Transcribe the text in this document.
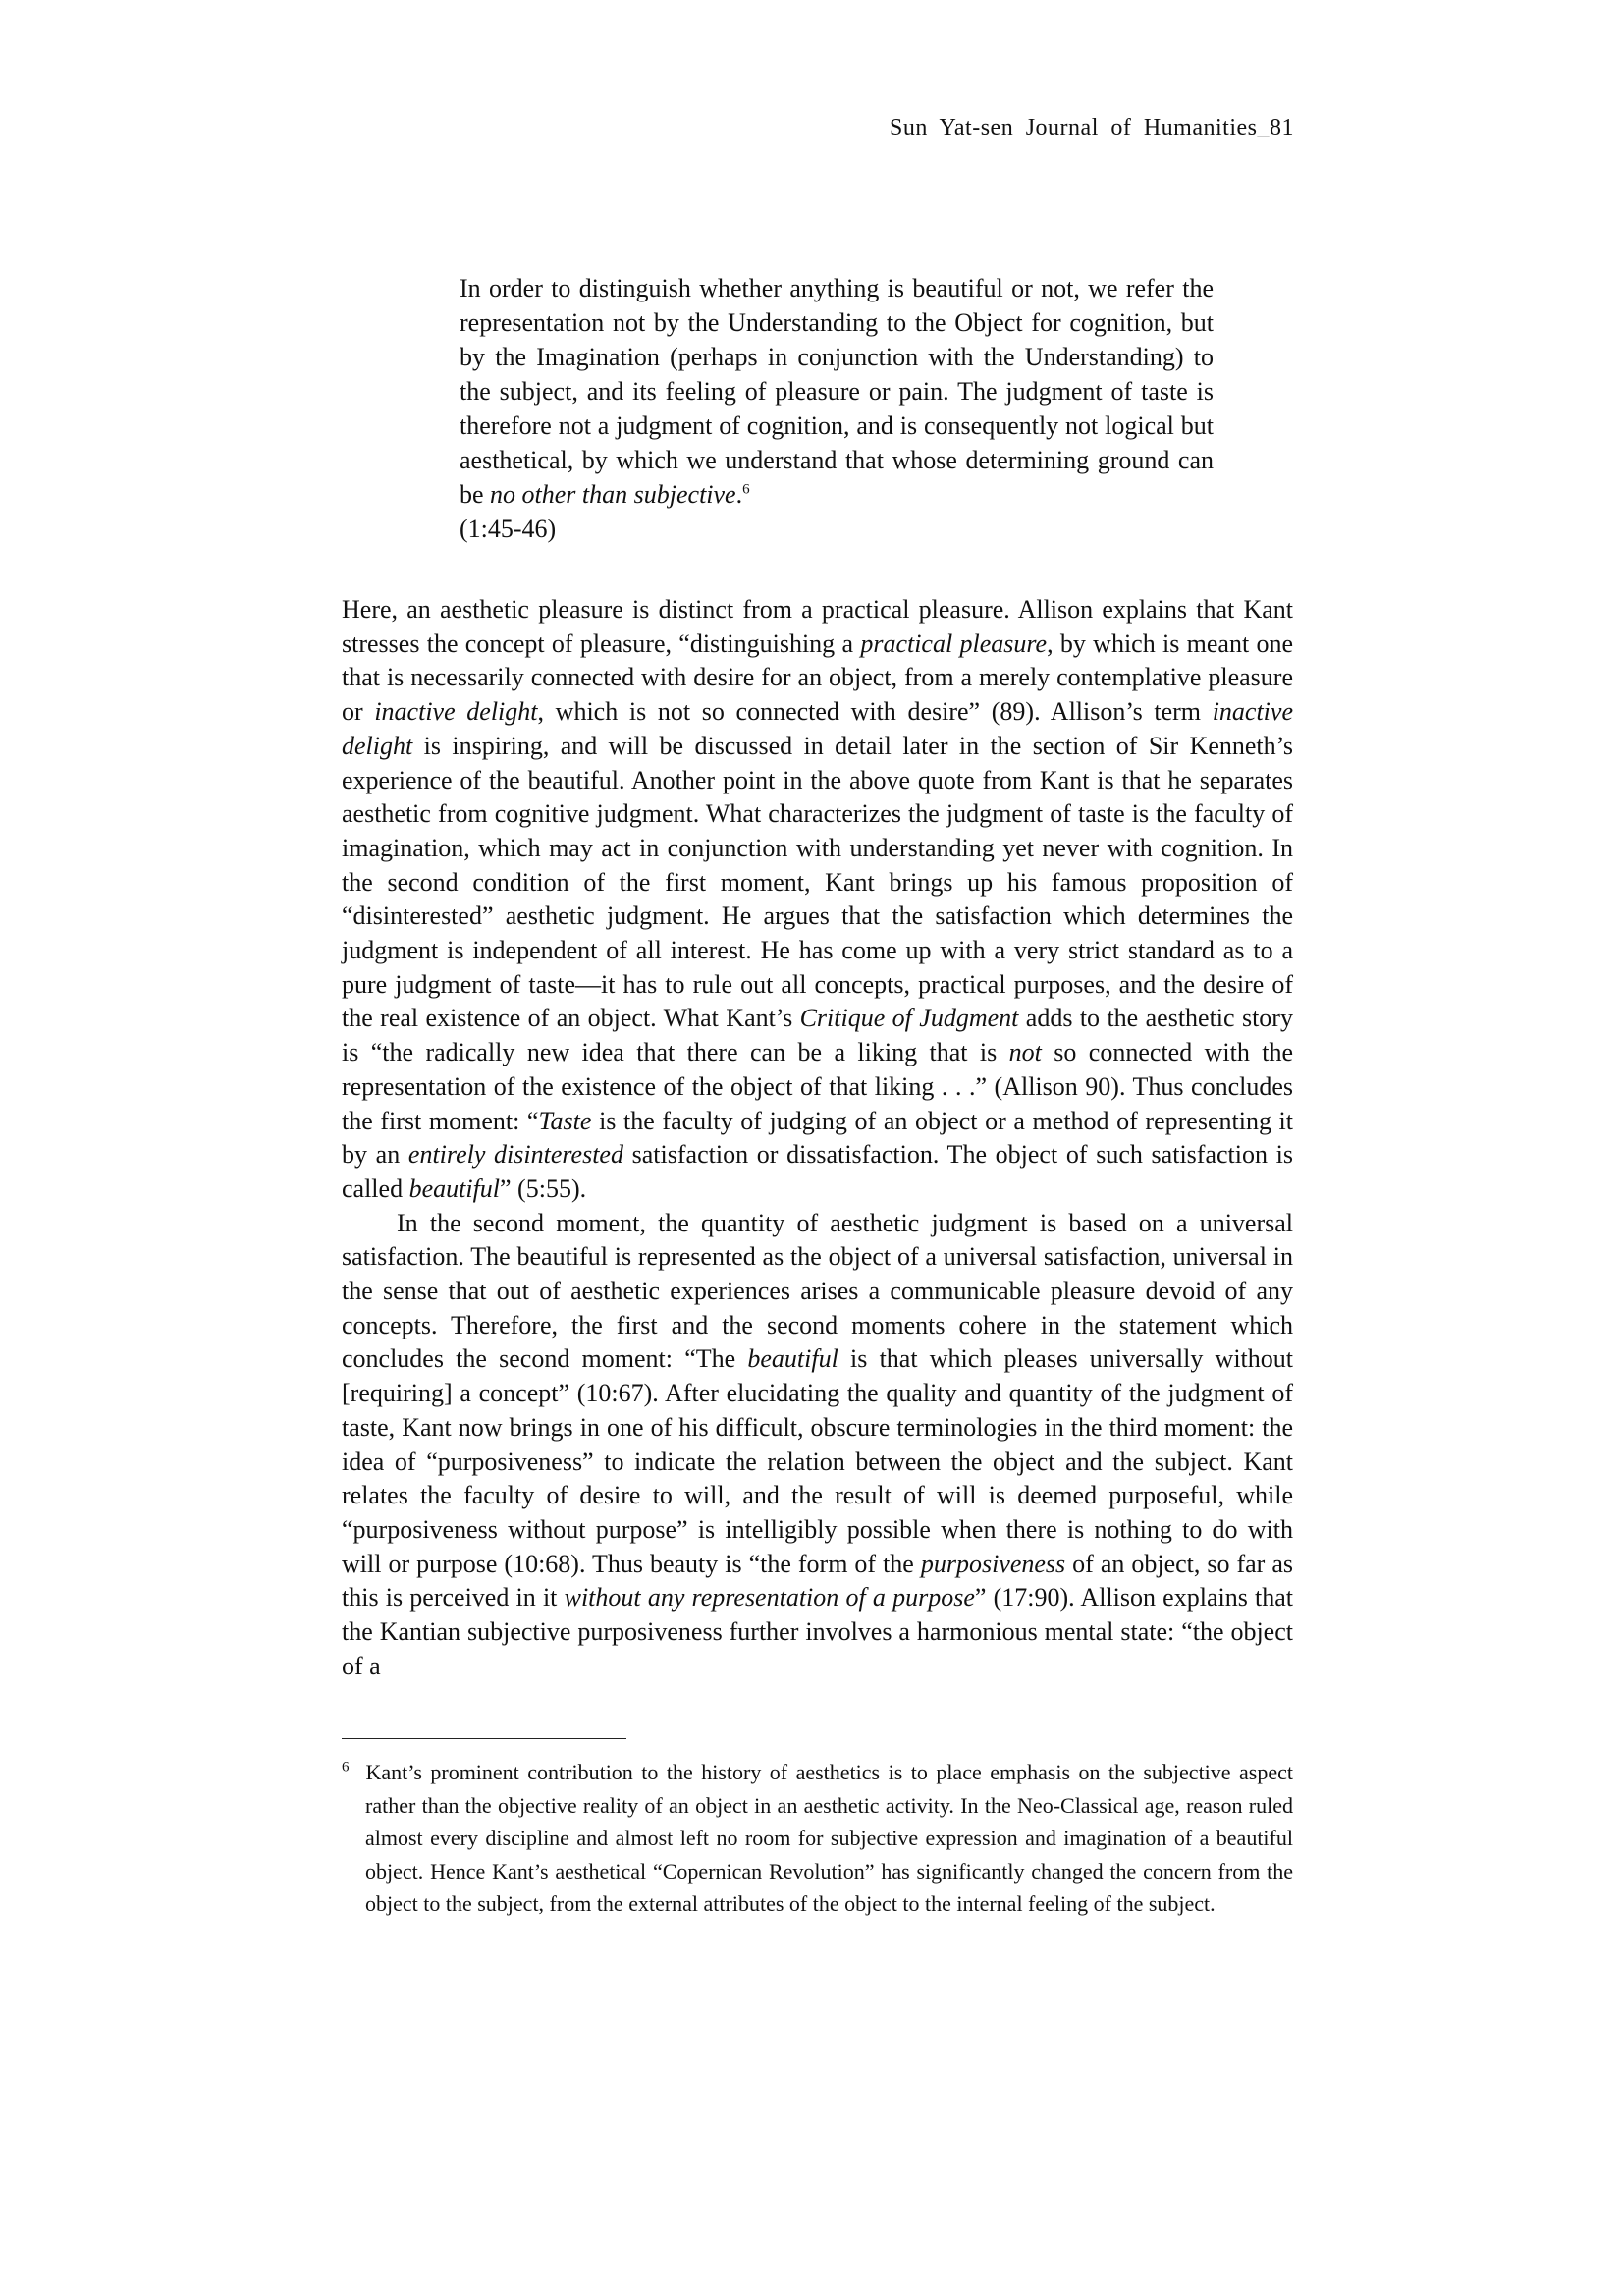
Sun Yat-sen Journal of Humanities_81

In order to distinguish whether anything is beautiful or not, we refer the representation not by the Understanding to the Object for cognition, but by the Imagination (perhaps in conjunction with the Understanding) to the subject, and its feeling of pleasure or pain. The judgment of taste is therefore not a judgment of cognition, and is consequently not logical but aesthetical, by which we understand that whose determining ground can be no other than subjective.$^6$
(1:45-46)

Here, an aesthetic pleasure is distinct from a practical pleasure. Allison explains that Kant stresses the concept of pleasure, “distinguishing a practical pleasure, by which is meant one that is necessarily connected with desire for an object, from a merely contemplative pleasure or inactive delight, which is not so connected with desire” (89). Allison’s term inactive delight is inspiring, and will be discussed in detail later in the section of Sir Kenneth’s experience of the beautiful. Another point in the above quote from Kant is that he separates aesthetic from cognitive judgment. What characterizes the judgment of taste is the faculty of imagination, which may act in conjunction with understanding yet never with cognition. In the second condition of the first moment, Kant brings up his famous proposition of “disinterested” aesthetic judgment. He argues that the satisfaction which determines the judgment is independent of all interest. He has come up with a very strict standard as to a pure judgment of taste—it has to rule out all concepts, practical purposes, and the desire of the real existence of an object. What Kant’s Critique of Judgment adds to the aesthetic story is “the radically new idea that there can be a liking that is not so connected with the representation of the existence of the object of that liking . . .” (Allison 90). Thus concludes the first moment: “Taste is the faculty of judging of an object or a method of representing it by an entirely disinterested satisfaction or dissatisfaction. The object of such satisfaction is called beautiful” (5:55).

In the second moment, the quantity of aesthetic judgment is based on a universal satisfaction. The beautiful is represented as the object of a universal satisfaction, universal in the sense that out of aesthetic experiences arises a communicable pleasure devoid of any concepts. Therefore, the first and the second moments cohere in the statement which concludes the second moment: “The beautiful is that which pleases universally without [requiring] a concept” (10:67). After elucidating the quality and quantity of the judgment of taste, Kant now brings in one of his difficult, obscure terminologies in the third moment: the idea of “purposiveness” to indicate the relation between the object and the subject. Kant relates the faculty of desire to will, and the result of will is deemed purposeful, while “purposiveness without purpose” is intelligibly possible when there is nothing to do with will or purpose (10:68). Thus beauty is “the form of the purposiveness of an object, so far as this is perceived in it without any representation of a purpose” (17:90). Allison explains that the Kantian subjective purposiveness further involves a harmonious mental state: “the object of a

$^6$ Kant’s prominent contribution to the history of aesthetics is to place emphasis on the subjective aspect rather than the objective reality of an object in an aesthetic activity. In the Neo-Classical age, reason ruled almost every discipline and almost left no room for subjective expression and imagination of a beautiful object. Hence Kant’s aesthetical “Copernican Revolution” has significantly changed the concern from the object to the subject, from the external attributes of the object to the internal feeling of the subject.
